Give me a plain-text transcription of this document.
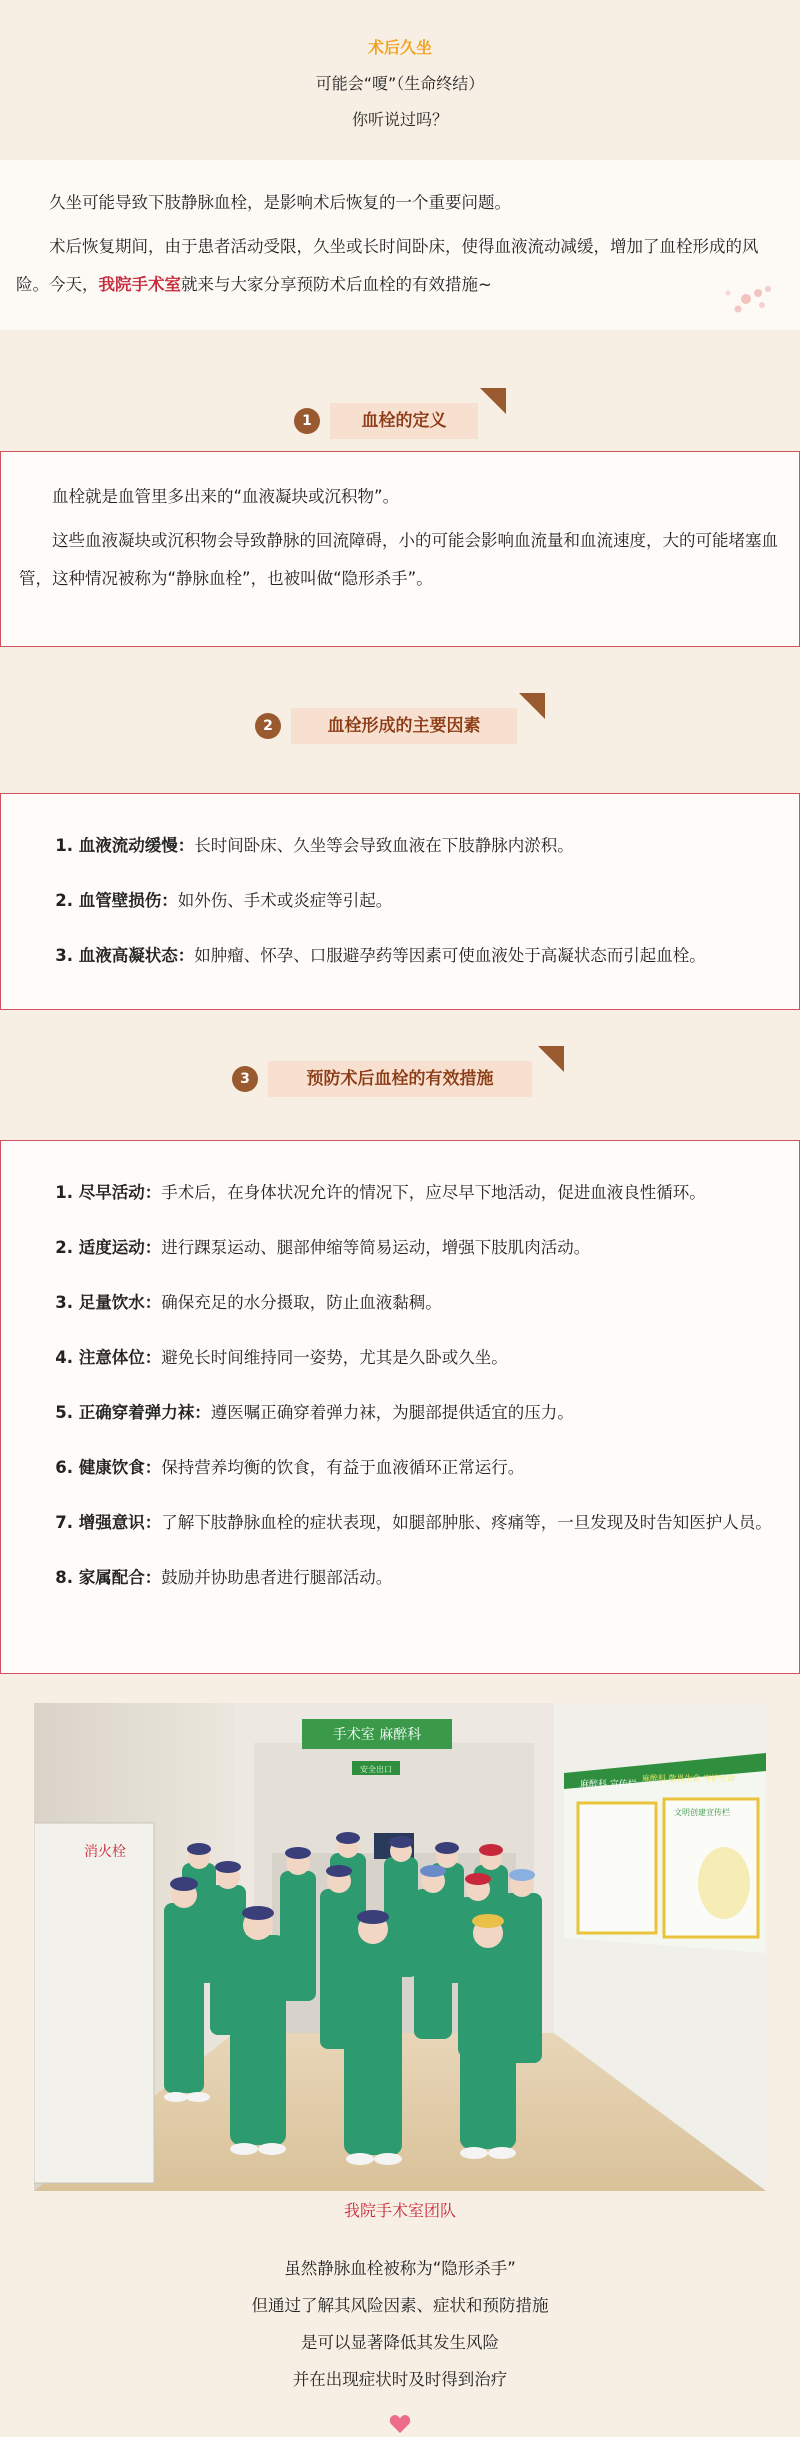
术后久坐
可能会“嗄”（生命终结）
你听说过吗？

久坐可能导致下肢静脉血栓，是影响术后恢复的一个重要问题。

术后恢复期间，由于患者活动受限，久坐或长时间卧床，使得血液流动减缓，增加了血栓形成的风险。今天，我院手术室就来与大家分享预防术后血栓的有效措施~

1	血栓的定义

血栓就是血管里多出来的“血液凝块或沉积物”。

这些血液凝块或沉积物会导致静脉的回流障碍，小的可能会影响血流量和血流速度，大的可能堵塞血管，这种情况被称为“静脉血栓”，也被叫做“隐形杀手”。

2	血栓形成的主要因素
1. 血液流动缓慢：长时间卧床、久坐等会导致血液在下肢静脉内淤积。
2. 血管壁损伤：如外伤、手术或炎症等引起。
3. 血液高凝状态：如肿瘤、怀孕、口服避孕药等因素可使血液处于高凝状态而引起血栓。
3	预防术后血栓的有效措施
1. 尽早活动：手术后，在身体状况允许的情况下，应尽早下地活动，促进血液良性循环。
2. 适度运动：进行踝泵运动、腿部伸缩等简易运动，增强下肢肌肉活动。
3. 足量饮水：确保充足的水分摄取，防止血液黏稠。
4. 注意体位：避免长时间维持同一姿势，尤其是久卧或久坐。
5. 正确穿着弹力袜：遵医嘱正确穿着弹力袜，为腿部提供适宜的压力。
6. 健康饮食：保持营养均衡的饮食，有益于血液循环正常运行。
7. 增强意识：了解下肢静脉血栓的症状表现，如腿部肿胀、疼痛等，一旦发现及时告知医护人员。
8. 家属配合：鼓励并协助患者进行腿部活动。
手术室 麻醉科
安全出口
消火栓
麻醉科 宣传栏
麻醉科 敬畏生命 守护生命
文明创建宣传栏
我院手术室团队
虽然静脉血栓被称为“隐形杀手”
但通过了解其风险因素、症状和预防措施
是可以显著降低其发生风险
并在出现症状时及时得到治疗
